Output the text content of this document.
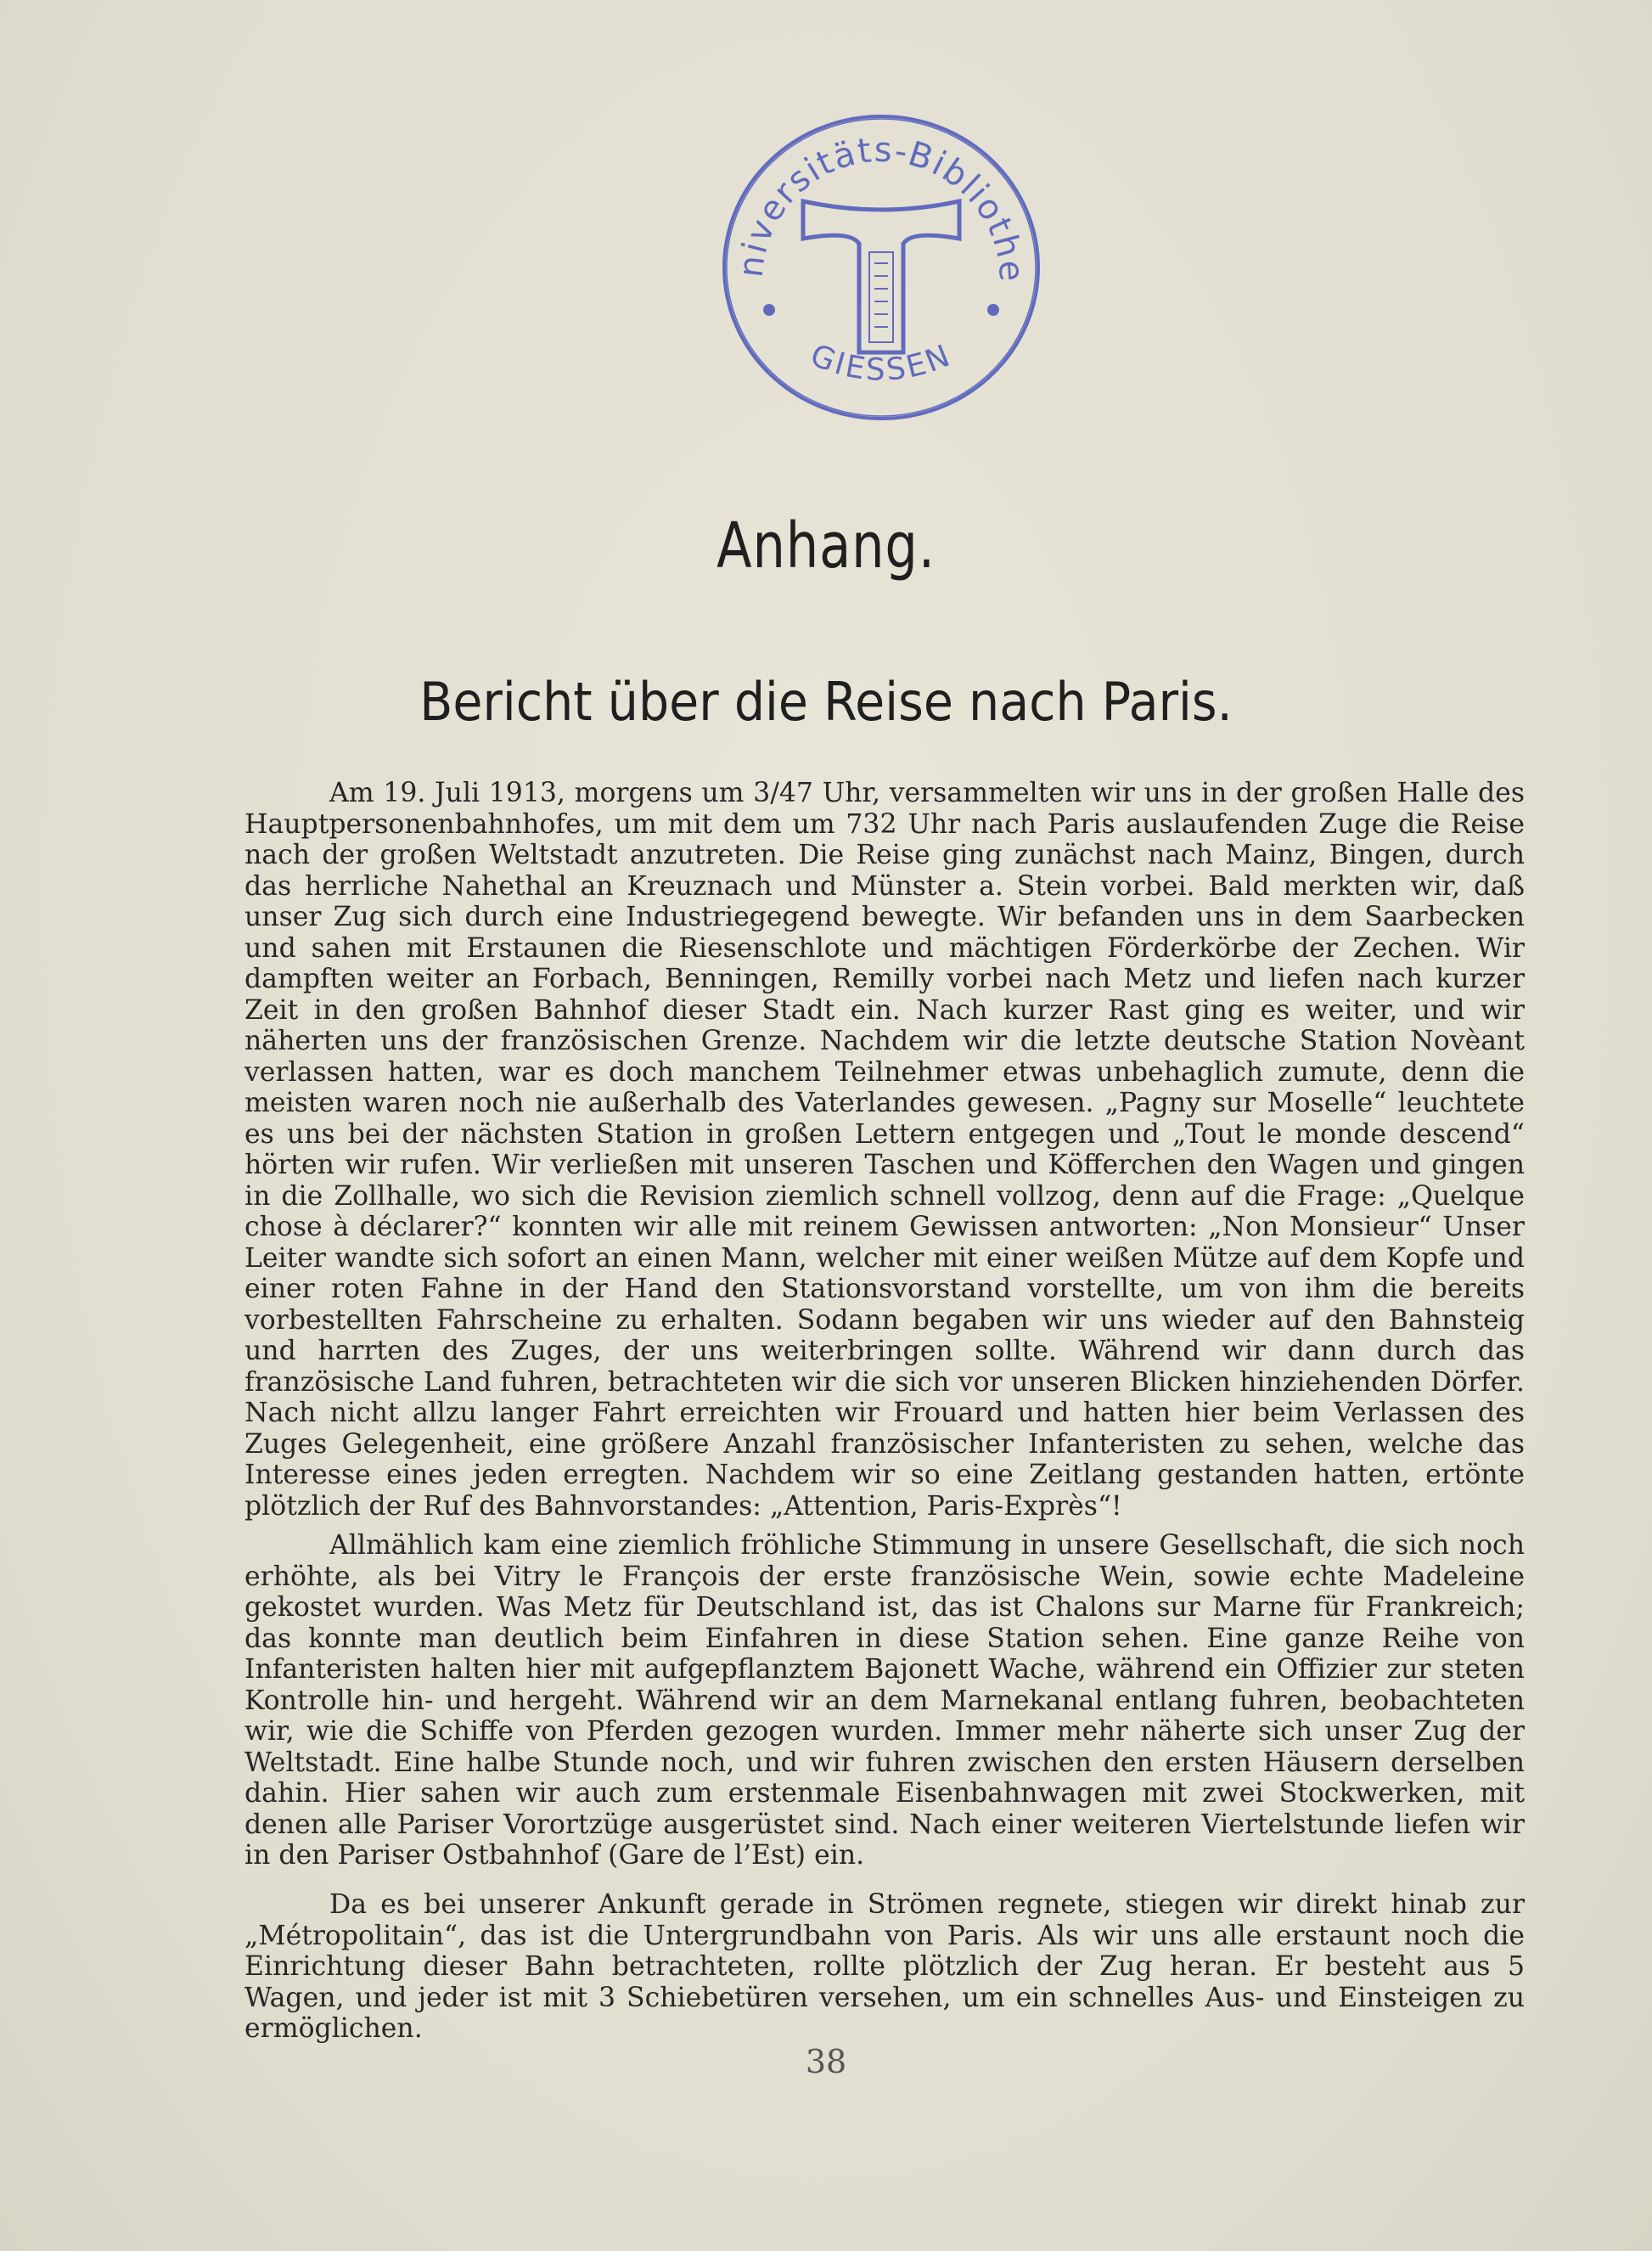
niversitäts-Bibliothe
GIESSEN
Anhang.
Bericht über die Reise nach Paris.

Am 19. Juli 1913, morgens um 3/47 Uhr, versammelten wir uns in der großen Halle des Hauptpersonenbahnhofes, um mit dem um 732 Uhr nach Paris auslaufenden Zuge die Reise nach der großen Weltstadt anzutreten. Die Reise ging zunächst nach Mainz, Bingen, durch das herrliche Nahethal an Kreuznach und Münster a. Stein vorbei. Bald merkten wir, daß unser Zug sich durch eine Industriegegend bewegte. Wir befanden uns in dem Saarbecken und sahen mit Erstaunen die Riesenschlote und mächtigen Förderkörbe der Zechen. Wir dampften weiter an Forbach, Benningen, Remilly vorbei nach Metz und liefen nach kurzer Zeit in den großen Bahnhof dieser Stadt ein. Nach kurzer Rast ging es weiter, und wir näherten uns der französischen Grenze. Nachdem wir die letzte deutsche Station Novèant verlassen hatten, war es doch manchem Teilnehmer etwas unbehaglich zumute, denn die meisten waren noch nie außerhalb des Vaterlandes gewesen. „Pagny sur Moselle“ leuchtete es uns bei der nächsten Station in großen Lettern entgegen und „Tout le monde descend“ hörten wir rufen. Wir verließen mit unseren Taschen und Köfferchen den Wagen und gingen in die Zollhalle, wo sich die Revision ziemlich schnell vollzog, denn auf die Frage: „Quelque chose à déclarer?“ konnten wir alle mit reinem Gewissen antworten: „Non Monsieur“ Unser Leiter wandte sich sofort an einen Mann, welcher mit einer weißen Mütze auf dem Kopfe und einer roten Fahne in der Hand den Stationsvorstand vorstellte, um von ihm die bereits vorbestellten Fahrscheine zu erhalten. Sodann begaben wir uns wieder auf den Bahnsteig und harrten des Zuges, der uns weiterbringen sollte. Während wir dann durch das französische Land fuhren, betrachteten wir die sich vor unseren Blicken hinziehenden Dörfer. Nach nicht allzu langer Fahrt erreichten wir Frouard und hatten hier beim Verlassen des Zuges Gelegenheit, eine größere Anzahl französischer Infanteristen zu sehen, welche das Interesse eines jeden erregten. Nachdem wir so eine Zeitlang gestanden hatten, ertönte plötzlich der Ruf des Bahnvorstandes: „Attention, Paris-Exprès“!

Allmählich kam eine ziemlich fröhliche Stimmung in unsere Gesellschaft, die sich noch erhöhte, als bei Vitry le François der erste französische Wein, sowie echte Madeleine gekostet wurden. Was Metz für Deutschland ist, das ist Chalons sur Marne für Frankreich; das konnte man deutlich beim Einfahren in diese Station sehen. Eine ganze Reihe von Infanteristen halten hier mit aufgepflanztem Bajonett Wache, während ein Offizier zur steten Kontrolle hin- und hergeht. Während wir an dem Marnekanal entlang fuhren, beobachteten wir, wie die Schiffe von Pferden gezogen wurden. Immer mehr näherte sich unser Zug der Weltstadt. Eine halbe Stunde noch, und wir fuhren zwischen den ersten Häusern derselben dahin. Hier sahen wir auch zum erstenmale Eisenbahnwagen mit zwei Stockwerken, mit denen alle Pariser Vorortzüge ausgerüstet sind. Nach einer weiteren Viertelstunde liefen wir in den Pariser Ostbahnhof (Gare de l’Est) ein.

Da es bei unserer Ankunft gerade in Strömen regnete, stiegen wir direkt hinab zur „Métropolitain“, das ist die Untergrundbahn von Paris. Als wir uns alle erstaunt noch die Einrichtung dieser Bahn betrachteten, rollte plötzlich der Zug heran. Er besteht aus 5 Wagen, und jeder ist mit 3 Schiebetüren versehen, um ein schnelles Aus- und Einsteigen zu ermöglichen.

38
